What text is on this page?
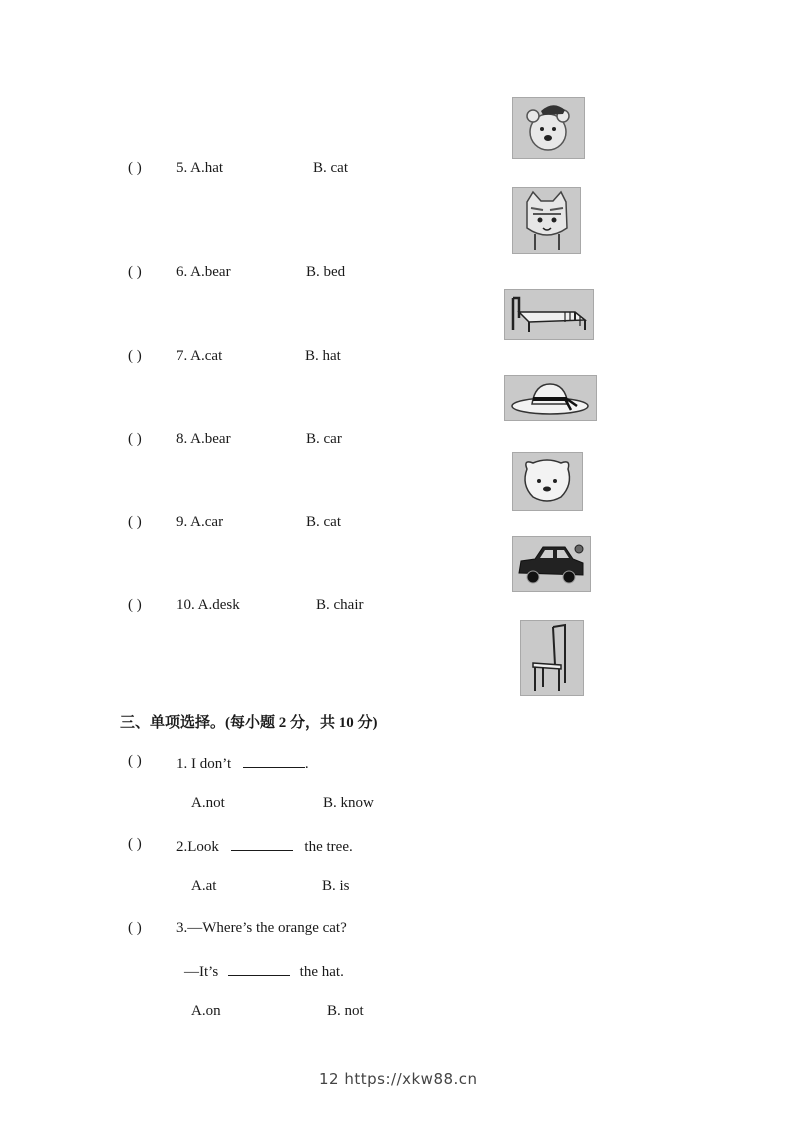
( ) 5. A.hat	B. cat
( ) 6. A.bear	B. bed
( ) 7. A.cat	B. hat
( ) 8. A.bear	B. car
( ) 9. A.car	B. cat
( ) 10. A.desk	B. chair
三、单项选择。(每小题 2 分，共 10 分)
( ) 1. I don’t	.
A.not	B. know
( ) 2.Look	the tree.
A.at	B. is
( ) 3.—Where’s the orange cat?
—It’s	the hat.
A.on	B. not
12 https://xkw88.cn
